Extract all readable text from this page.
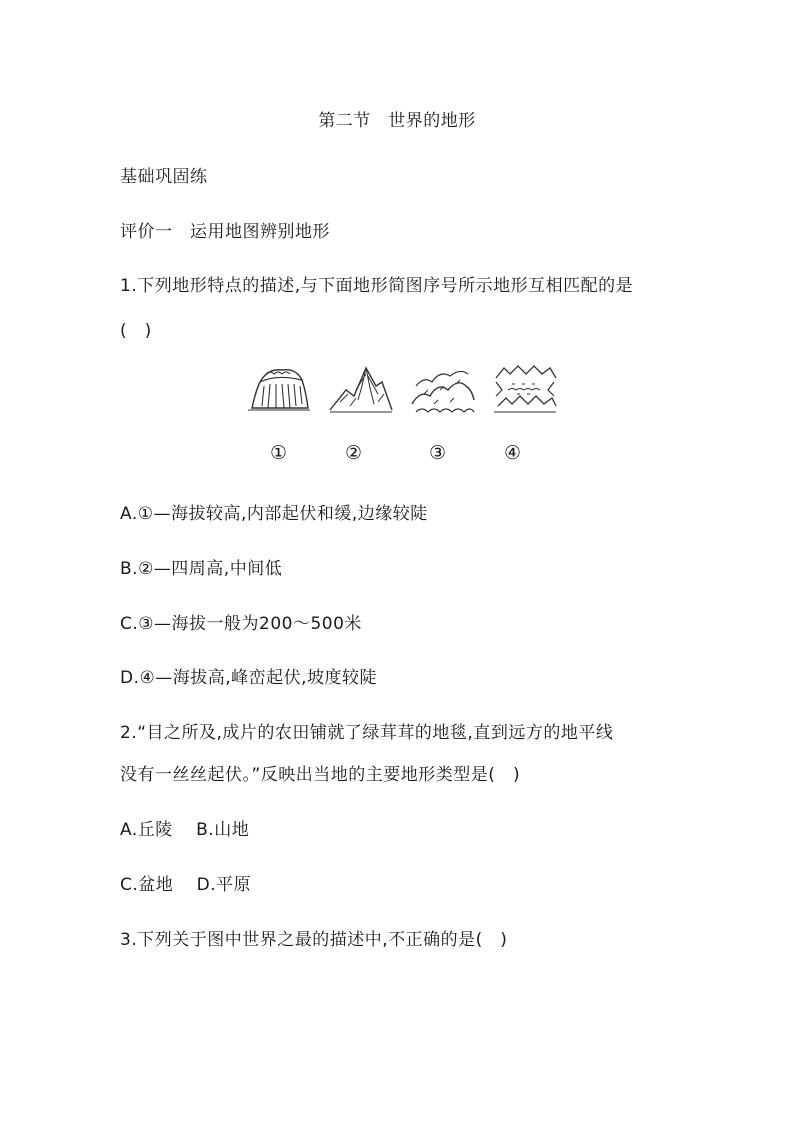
第二节　世界的地形
基础巩固练
评价一　运用地图辨别地形
1.下列地形特点的描述,与下面地形简图序号所示地形互相匹配的是
(　)
①	②	③	④
A.①—海拔较高,内部起伏和缓,边缘较陡
B.②—四周高,中间低
C.③—海拔一般为200～500米
D.④—海拔高,峰峦起伏,坡度较陡
2.“目之所及,成片的农田铺就了绿茸茸的地毯,直到远方的地平线
没有一丝丝起伏。”反映出当地的主要地形类型是(　)
A.丘陵　 B.山地
C.盆地　 D.平原
3.下列关于图中世界之最的描述中,不正确的是(　)
